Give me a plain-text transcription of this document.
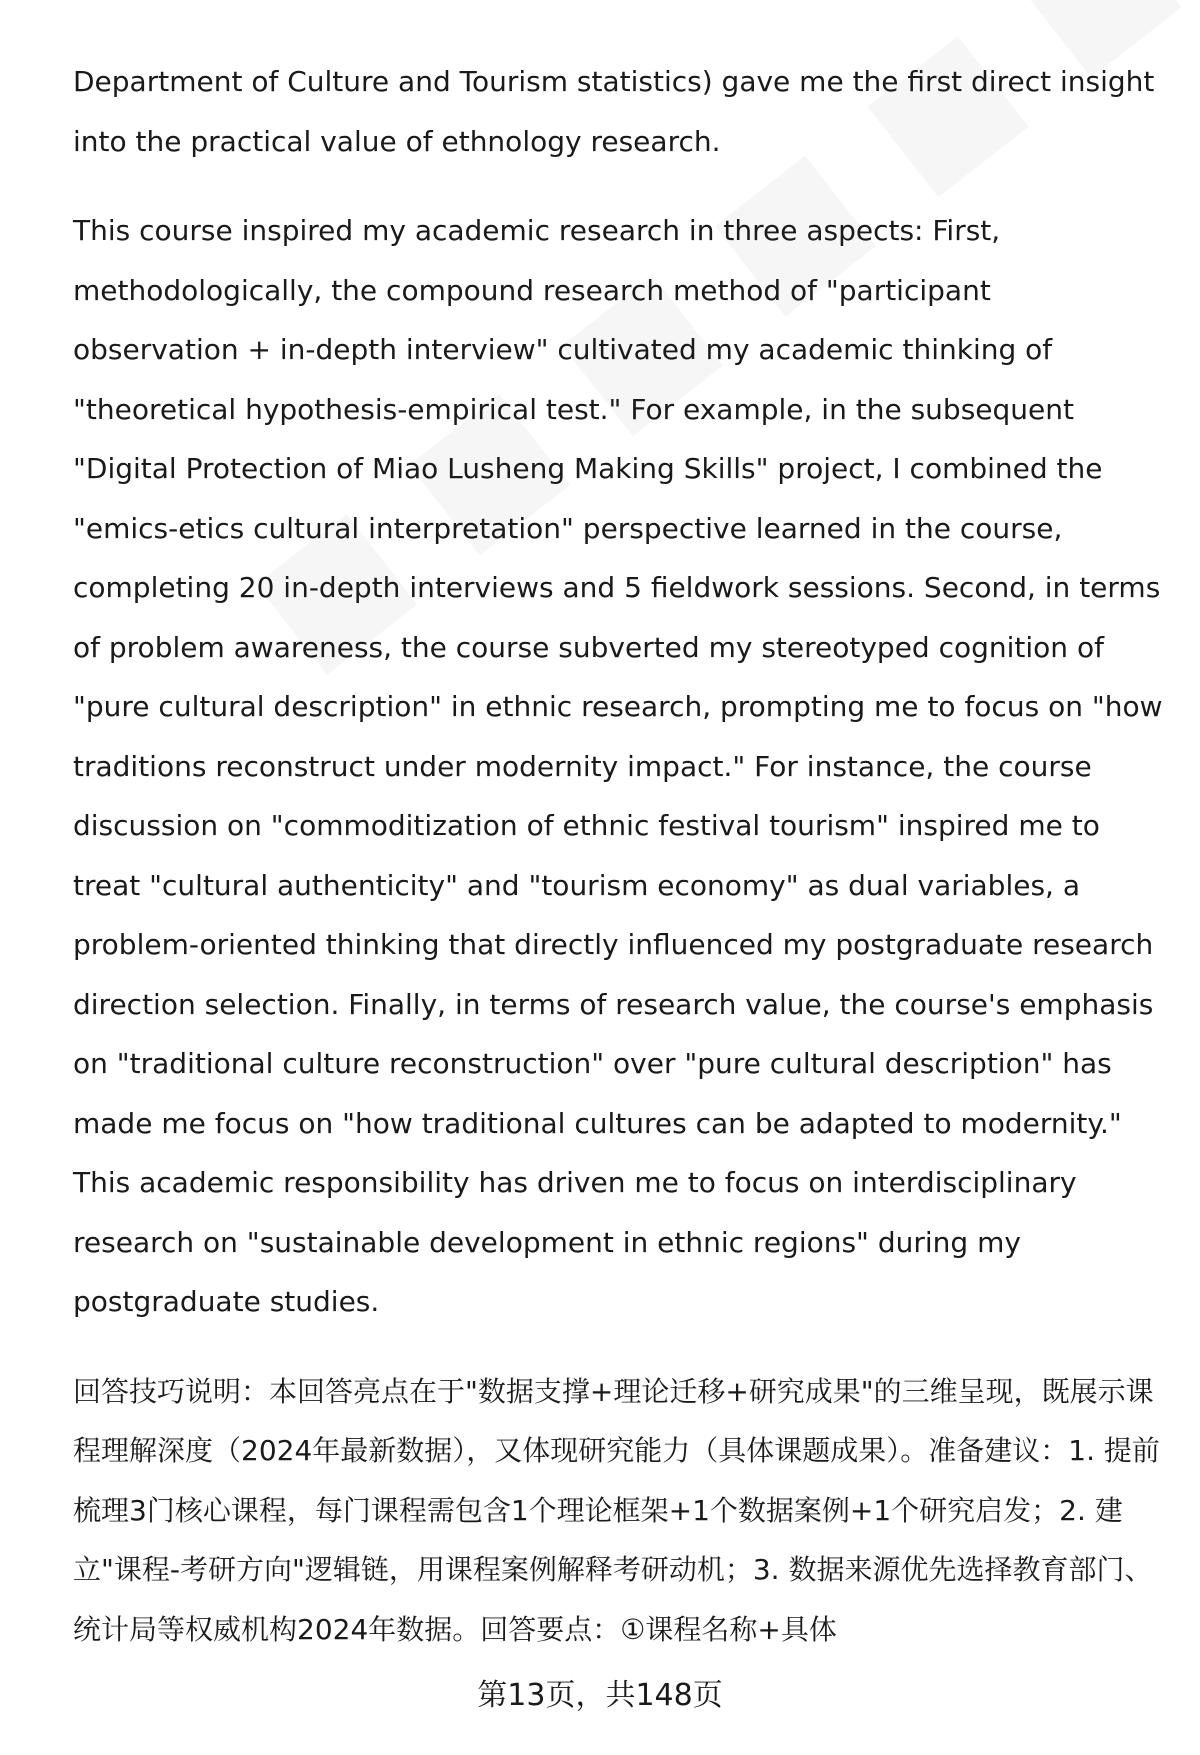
Department of Culture and Tourism statistics) gave me the first direct insight into the practical value of ethnology research.

This course inspired my academic research in three aspects: First, methodologically, the compound research method of "participant observation + in-depth interview" cultivated my academic thinking of "theoretical hypothesis-empirical test." For example, in the subsequent "Digital Protection of Miao Lusheng Making Skills" project, I combined the "emics-etics cultural interpretation" perspective learned in the course, completing 20 in-depth interviews and 5 fieldwork sessions. Second, in terms of problem awareness, the course subverted my stereotyped cognition of "pure cultural description" in ethnic research, prompting me to focus on "how traditions reconstruct under modernity impact." For instance, the course discussion on "commoditization of ethnic festival tourism" inspired me to treat "cultural authenticity" and "tourism economy" as dual variables, a problem-oriented thinking that directly influenced my postgraduate research direction selection. Finally, in terms of research value, the course's emphasis on "traditional culture reconstruction" over "pure cultural description" has made me focus on "how traditional cultures can be adapted to modernity." This academic responsibility has driven me to focus on interdisciplinary research on "sustainable development in ethnic regions" during my postgraduate studies.

回答技巧说明：本回答亮点在于"数据支撑+理论迁移+研究成果"的三维呈现，既展示课程理解深度（2024年最新数据），又体现研究能力（具体课题成果）。准备建议：1. 提前梳理3门核心课程，每门课程需包含1个理论框架+1个数据案例+1个研究启发；2. 建立"课程-考研方向"逻辑链，用课程案例解释考研动机；3. 数据来源优先选择教育部门、统计局等权威机构2024年数据。回答要点：①课程名称+具体

第13页，共148页
